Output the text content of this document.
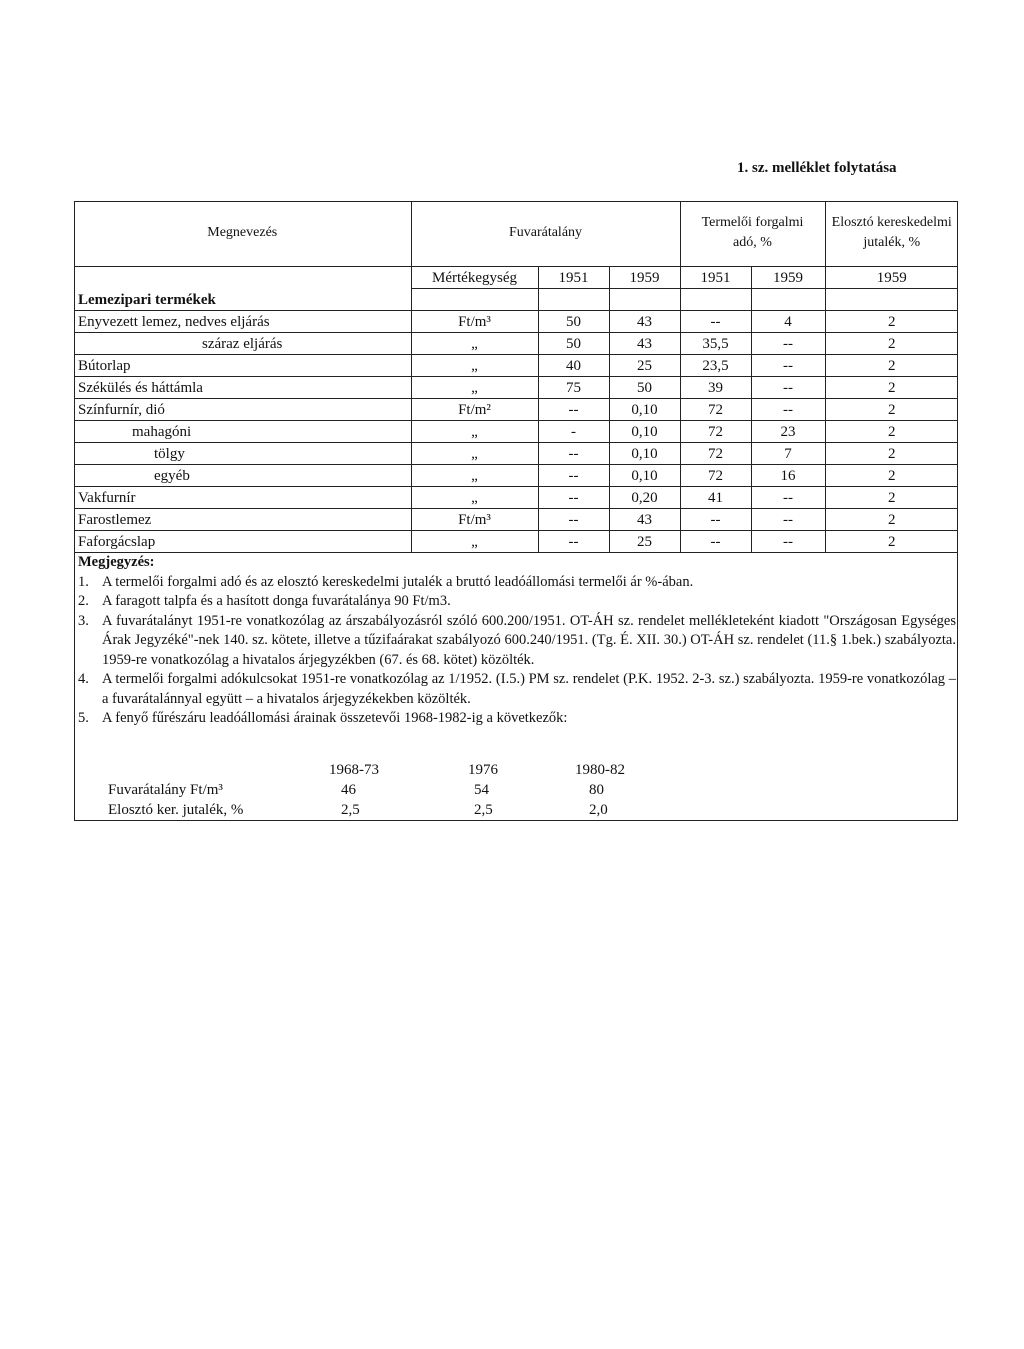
1. sz. melléklet folytatása
Megnevezés	Fuvarátalány			Termelői forgalmi adó, %		Elosztó kereskedelmi jutalék, %
	Mértékegység	1951	1959	1951	1959	1959
Lemezipari termékek						
Enyvezett lemez, nedves eljárás	Ft/m³	50	43	--	4	2
száraz eljárás	„	50	43	35,5	--	2
Bútorlap	„	40	25	23,5	--	2
Székülés és háttámla	„	75	50	39	--	2
Színfurnír, dió	Ft/m²	--	0,10	72	--	2
mahagóni	„	-	0,10	72	23	2
tölgy	„	--	0,10	72	7	2
egyéb	„	--	0,10	72	16	2
Vakfurnír	„	--	0,20	41	--	2
Farostlemez	Ft/m³	--	43	--	--	2
Faforgácslap	„	--	25	--	--	2
Megjegyzés:
1. A termelői forgalmi adó és az elosztó kereskedelmi jutalék a bruttó leadóállomási termelői ár %-ában.
2. A faragott talpfa és a hasított donga fuvarátalánya 90 Ft/m3.
3. A fuvarátalányt 1951-re vonatkozólag az árszabályozásról szóló 600.200/1951. OT-ÁH sz. rendelet mellékleteként kiadott "Országosan Egységes Árak Jegyzéké"-nek 140. sz. kötete, illetve a tűzifaárakat szabályozó 600.240/1951. (Tg. É. XII. 30.) OT-ÁH sz. rendelet (11.§ 1.bek.) szabályozta. 1959-re vonatkozólag a hivatalos árjegyzékben (67. és 68. kötet) közölték.
4. A termelői forgalmi adókulcsokat 1951-re vonatkozólag az 1/1952. (I.5.) PM sz. rendelet (P.K. 1952. 2-3. sz.) szabályozta. 1959-re vonatkozólag – a fuvarátalánnyal együtt – a hivatalos árjegyzékekben közölték.
5. A fenyő fűrészáru leadóállomási árainak összetevői 1968-1982-ig a következők:
	1968-73	1976	1980-82
Fuvarátalány Ft/m³	46	54	80
Elosztó ker. jutalék, %	2,5	2,5	2,0
